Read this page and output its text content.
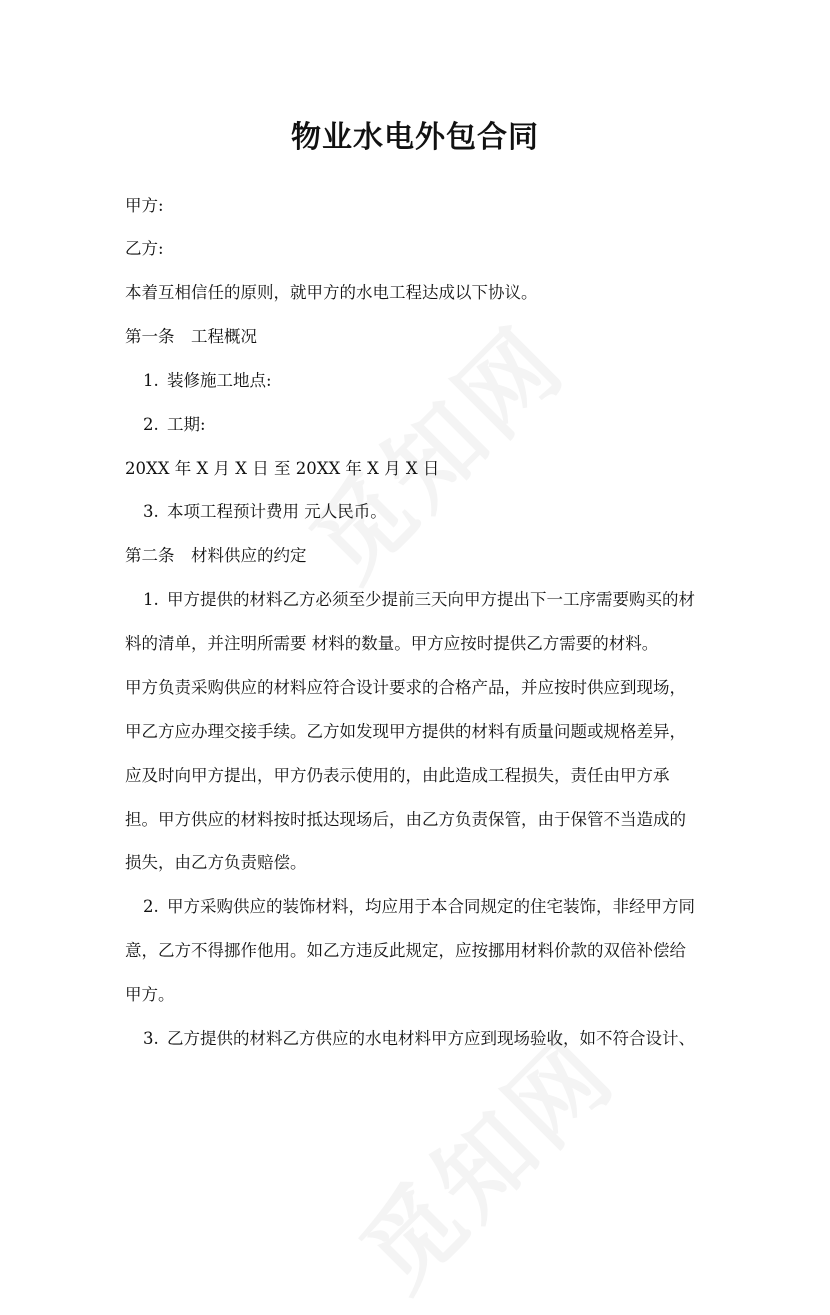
物业水电外包合同
甲方:
乙方:
本着互相信任的原则，就甲方的水电工程达成以下协议。
第一条　工程概况
1. 装修施工地点:
2. 工期:
20XX 年 X 月 X 日 至 20XX 年 X 月 X 日
3. 本项工程预计费用 元人民币。
第二条　材料供应的约定
1. 甲方提供的材料乙方必须至少提前三天向甲方提出下一工序需要购买的材
料的清单，并注明所需要 材料的数量。甲方应按时提供乙方需要的材料。
甲方负责采购供应的材料应符合设计要求的合格产品，并应按时供应到现场，
甲乙方应办理交接手续。乙方如发现甲方提供的材料有质量问题或规格差异，
应及时向甲方提出，甲方仍表示使用的，由此造成工程损失，责任由甲方承
担。甲方供应的材料按时抵达现场后，由乙方负责保管，由于保管不当造成的
损失，由乙方负责赔偿。
2. 甲方采购供应的装饰材料，均应用于本合同规定的住宅装饰，非经甲方同
意，乙方不得挪作他用。如乙方违反此规定，应按挪用材料价款的双倍补偿给
甲方。
3. 乙方提供的材料乙方供应的水电材料甲方应到现场验收，如不符合设计、
